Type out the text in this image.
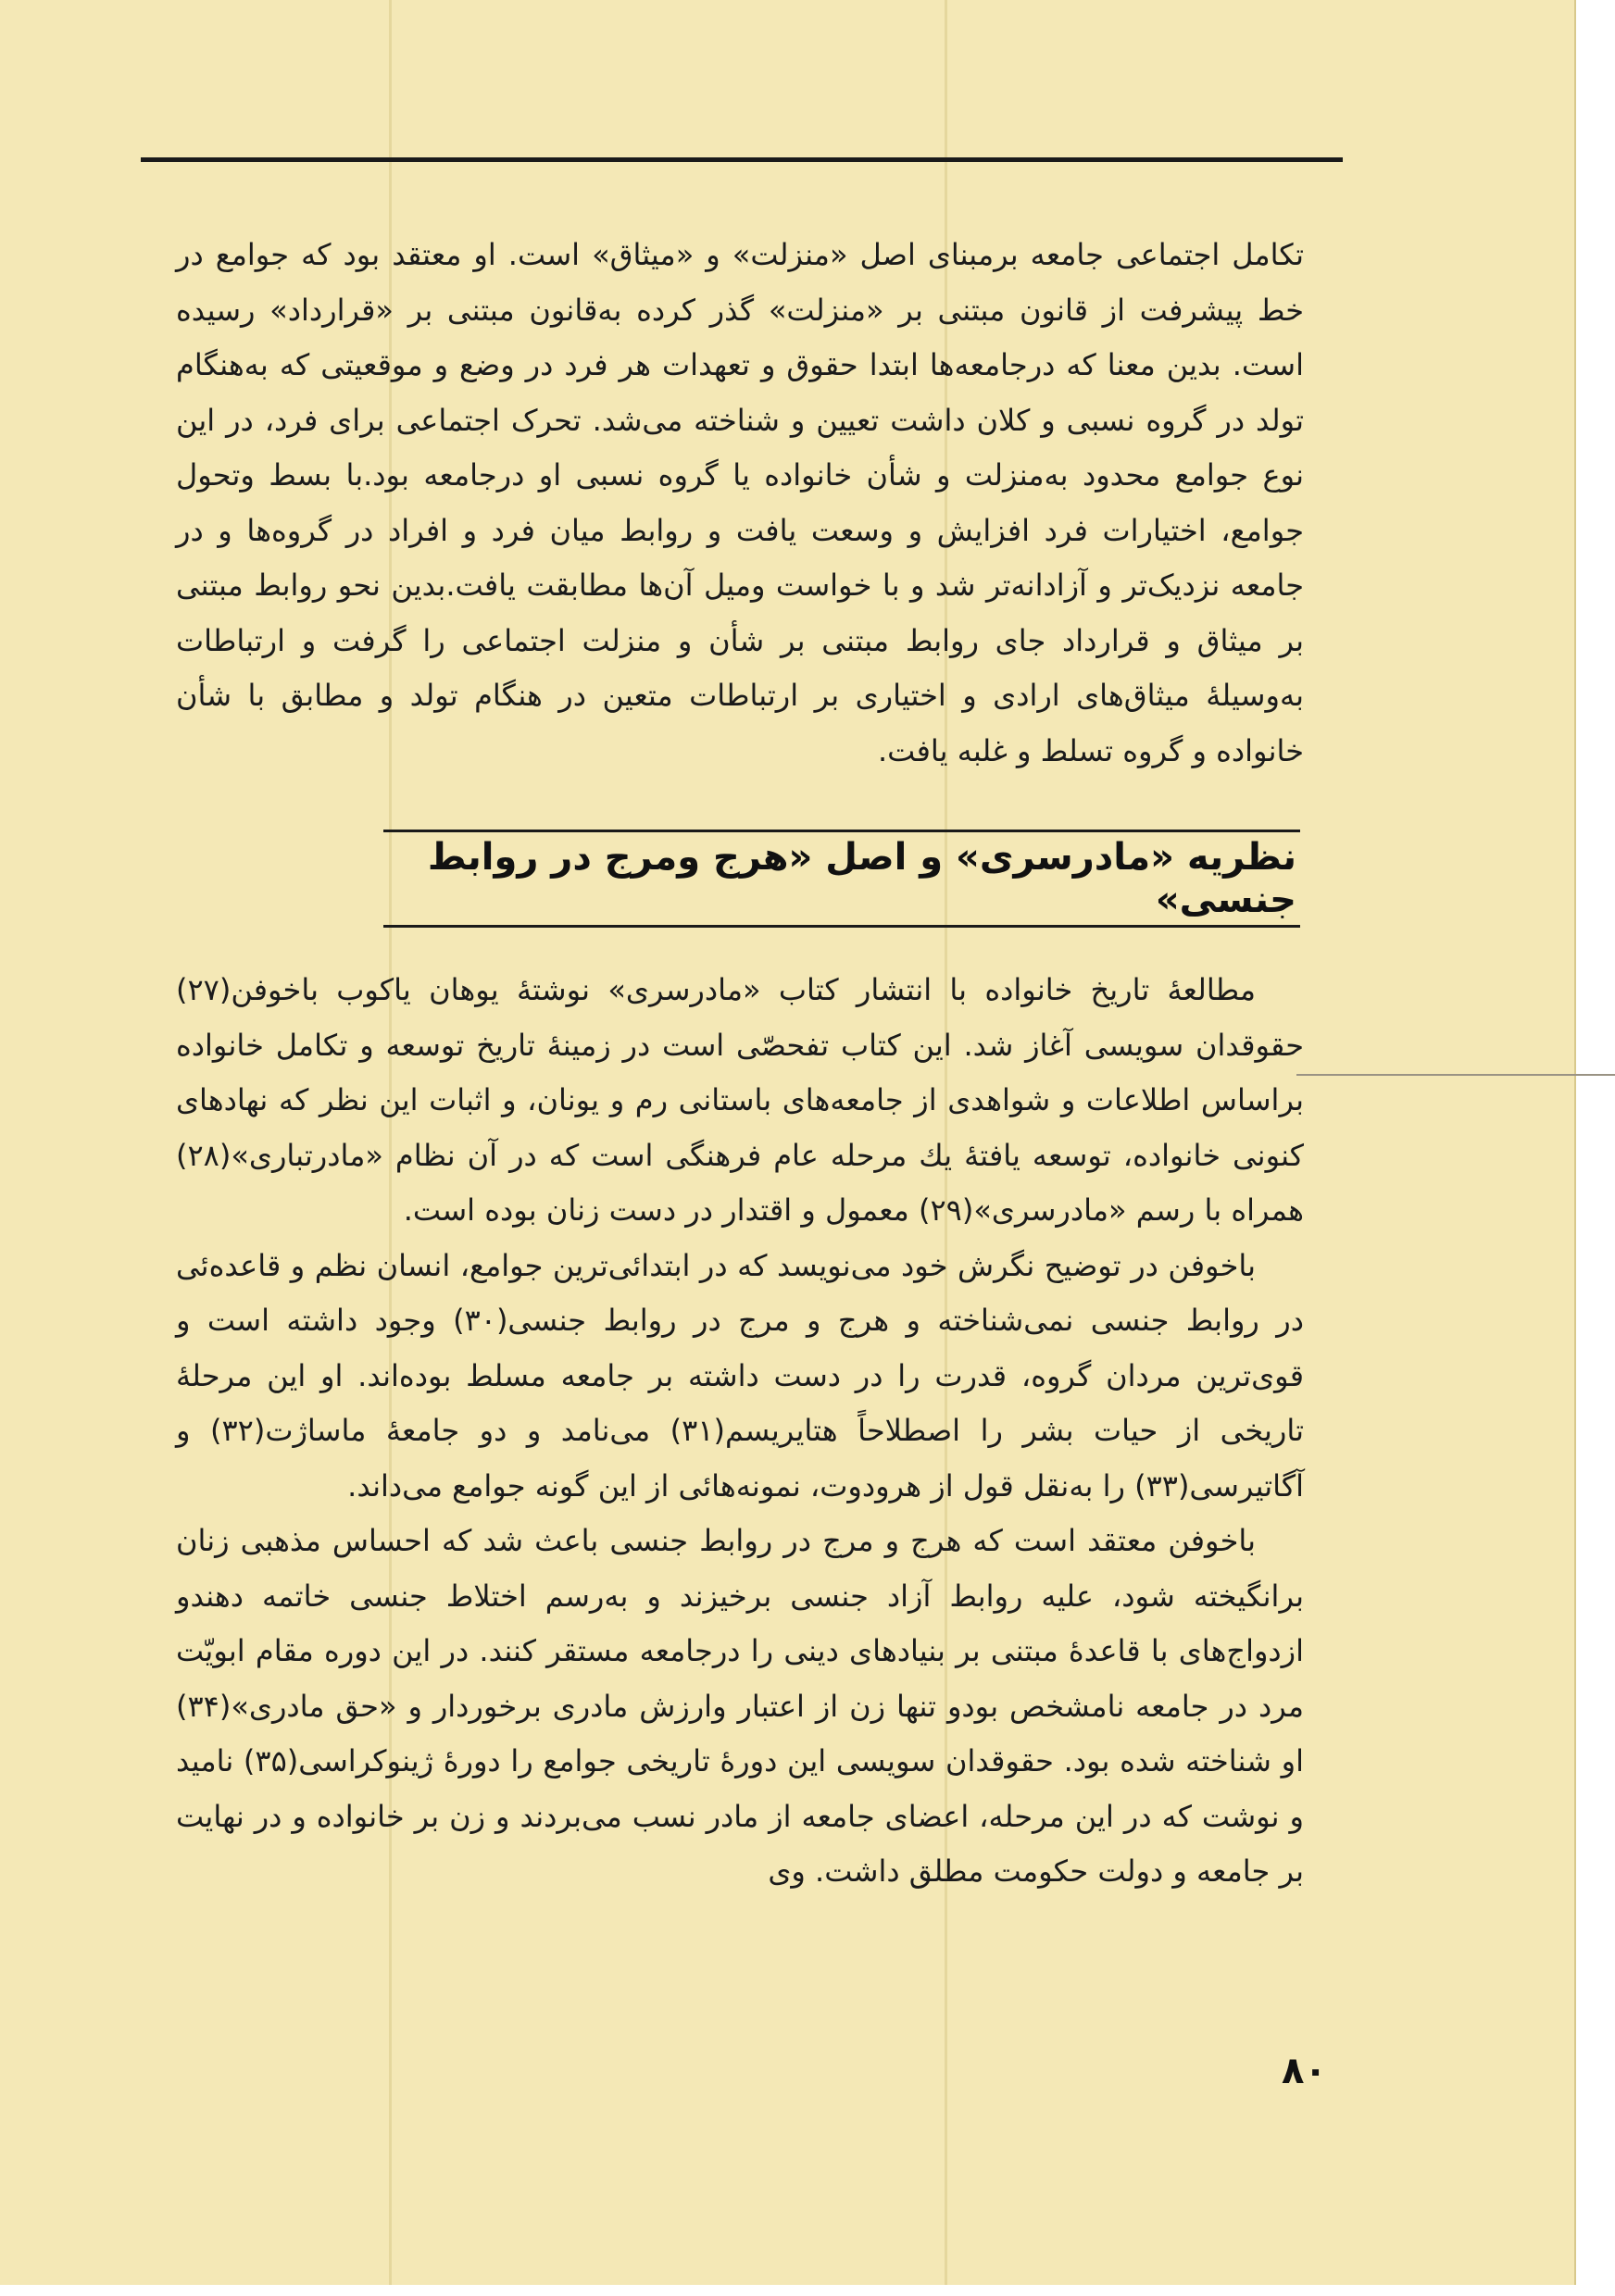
تکامل اجتماعی جامعه برمبنای اصل «منزلت» و «میثاق» است. او معتقد بود که جوامع در خط پیشرفت از قانون مبتنی بر «منزلت» گذر کرده به‌قانون مبتنی بر «قرارداد» رسیده است. بدین معنا که درجامعه‌ها ابتدا حقوق و تعهدات هر فرد در وضع و موقعیتی که به‌هنگام تولد در گروه نسبی و کلان داشت تعیین و شناخته می‌شد. تحرک اجتماعی برای فرد، در این نوع جوامع محدود به‌منزلت و شأن خانواده یا گروه نسبی او درجامعه بود.با بسط وتحول جوامع، اختیارات فرد افزایش و وسعت یافت و روابط میان فرد و افراد در گروه‌ها و در جامعه نزدیک‌تر و آزادانه‌تر شد و با خواست ومیل آن‌ها مطابقت یافت.بدین نحو روابط مبتنی بر میثاق و قرارداد جای روابط مبتنی بر شأن و منزلت اجتماعی را گرفت و ارتباطات به‌وسیلهٔ میثاق‌های ارادی و اختیاری بر ارتباطات متعین در هنگام تولد و مطابق با شأن خانواده و گروه تسلط و غلبه یافت.

نظریه «مادرسری» و اصل «هرج ومرج در روابط جنسی»

مطالعهٔ تاریخ خانواده با انتشار کتاب «مادرسری» نوشتهٔ یوهان یاکوب باخوفن(۲۷) حقوقدان سویسی آغاز شد. این کتاب تفحصّی است در زمینهٔ تاریخ توسعه و تکامل خانواده براساس اطلاعات و شواهدی از جامعه‌های باستانی رم و یونان، و اثبات این نظر که نهادهای کنونی خانواده، توسعه یافتهٔ یك مرحله عام فرهنگی است که در آن نظام «مادرتباری»(۲۸) همراه با رسم «مادرسری»(۲۹) معمول و اقتدار در دست زنان بوده است.

باخوفن در توضیح نگرش خود می‌نویسد که در ابتدائی‌ترین جوامع، انسان نظم و قاعده‌ئی در روابط جنسی نمی‌شناخته و هرج و مرج در روابط جنسی(۳۰) وجود داشته است و قوی‌ترین مردان گروه، قدرت را در دست داشته بر جامعه مسلط بوده‌اند. او این مرحلهٔ تاریخی از حیات بشر را اصطلاحاً هتایریسم(۳۱) می‌نامد و دو جامعهٔ ماساژت(۳۲) و آگاتیرسی(۳۳) را به‌نقل قول از هرودوت، نمونه‌هائی از این گونه جوامع می‌داند.

باخوفن معتقد است که هرج و مرج در روابط جنسی باعث شد که احساس مذهبی زنان برانگیخته شود، علیه روابط آزاد جنسی برخیزند و به‌رسم اختلاط جنسی خاتمه دهندو ازدواج‌های با قاعدهٔ مبتنی بر بنیادهای دینی را درجامعه مستقر کنند. در این دوره مقام ابویّت مرد در جامعه نامشخص بودو تنها زن از اعتبار وارزش مادری برخوردار و «حق مادری»(۳۴) او شناخته شده بود. حقوقدان سویسی این دورهٔ تاریخی جوامع را دورهٔ ژینوکراسی(۳۵) نامید و نوشت که در این مرحله، اعضای جامعه از مادر نسب می‌بردند و زن بر خانواده و در نهایت بر جامعه و دولت حکومت مطلق داشت. وی

۸۰
